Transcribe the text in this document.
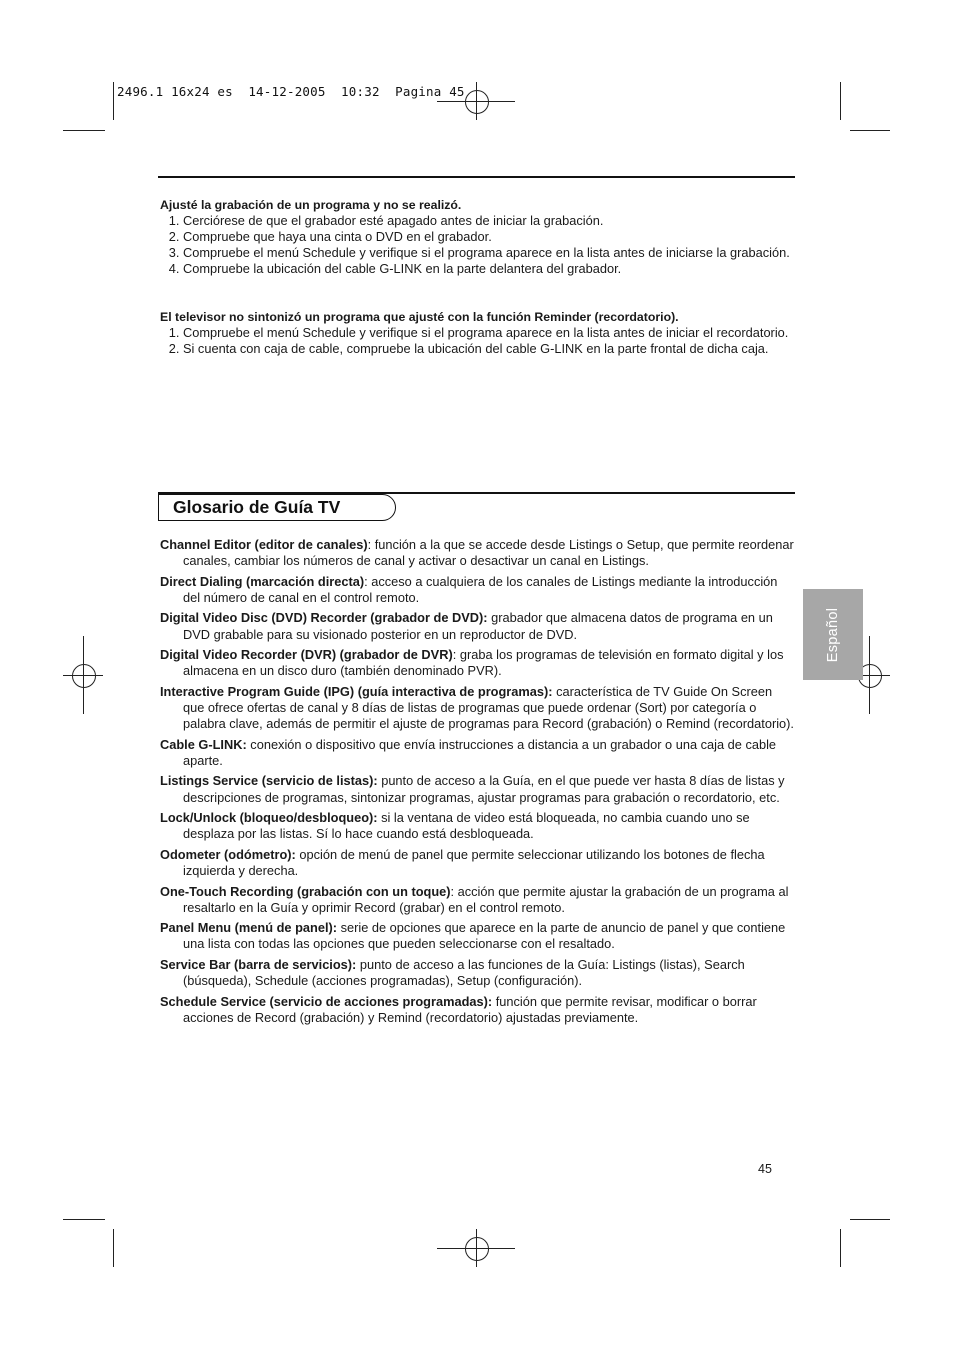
2496.1 16x24 es  14-12-2005  10:32  Pagina 45
Ajusté la grabación de un programa y no se realizó.
1. Cerciórese de que el grabador esté apagado antes de iniciar la grabación.
2. Compruebe que haya una cinta o DVD en el grabador.
3. Compruebe el menú Schedule y verifique si el programa aparece en la lista antes de iniciarse la grabación.
4. Compruebe la ubicación del cable G-LINK en la parte delantera del grabador.
El televisor no sintonizó un programa que ajusté con la función Reminder (recordatorio).
1. Compruebe el menú Schedule y verifique si el programa aparece en la lista antes de iniciar el recordatorio.
2. Si cuenta con caja de cable, compruebe la ubicación del cable G-LINK en la parte frontal de dicha caja.
Glosario de Guía TV
Channel Editor (editor de canales): función a la que se accede desde Listings o Setup, que permite reordenar canales, cambiar los números de canal y activar o desactivar un canal en Listings.
Direct Dialing (marcación directa): acceso a cualquiera de los canales de Listings mediante la introducción del número de canal en el control remoto.
Digital Video Disc (DVD) Recorder (grabador de DVD): grabador que almacena datos de programa en un DVD grabable para su visionado posterior en un reproductor de DVD.
Digital Video Recorder (DVR) (grabador de DVR): graba los programas de televisión en formato digital y los almacena en un disco duro (también denominado PVR).
Interactive Program Guide (IPG) (guía interactiva de programas): característica de TV Guide On Screen que ofrece ofertas de canal y 8 días de listas de programas que puede ordenar (Sort) por categoría o palabra clave, además de permitir el ajuste de programas para Record (grabación) o Remind (recordatorio).
Cable G-LINK: conexión o dispositivo que envía instrucciones a distancia a un grabador o una caja de cable aparte.
Listings Service (servicio de listas): punto de acceso a la Guía, en el que puede ver hasta 8 días de listas y descripciones de programas, sintonizar programas, ajustar programas para grabación o recordatorio, etc.
Lock/Unlock (bloqueo/desbloqueo): si la ventana de video está bloqueada, no cambia cuando uno se desplaza por las listas. Sí lo hace cuando está desbloqueada.
Odometer (odómetro): opción de menú de panel que permite seleccionar utilizando los botones de flecha izquierda y derecha.
One-Touch Recording (grabación con un toque): acción que permite ajustar la grabación de un programa al resaltarlo en la Guía y oprimir Record (grabar) en el control remoto.
Panel Menu (menú de panel): serie de opciones que aparece en la parte de anuncio de panel y que contiene una lista con todas las opciones que pueden seleccionarse con el resaltado.
Service Bar (barra de servicios): punto de acceso a las funciones de la Guía: Listings (listas), Search (búsqueda), Schedule (acciones programadas), Setup (configuración).
Schedule Service (servicio de acciones programadas): función que permite revisar, modificar o borrar acciones de Record (grabación) y Remind (recordatorio) ajustadas previamente.
Español
45
